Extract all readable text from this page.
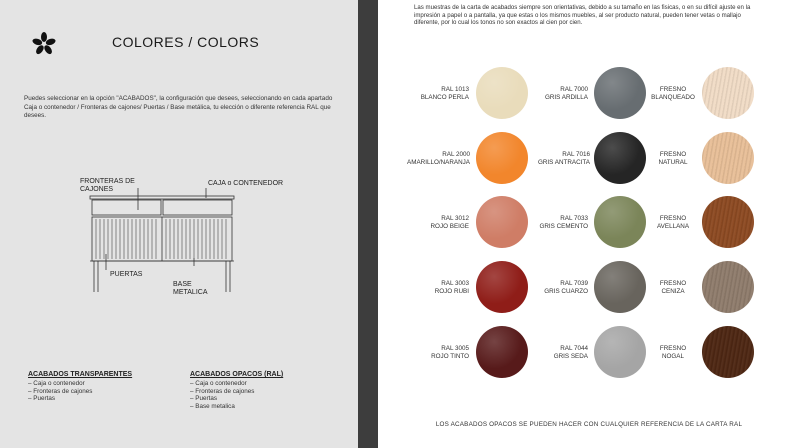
COLORES / COLORS
Puedes seleccionar en la opción "ACABADOS", la configuración que desees, seleccionando en cada apartado Caja o contenedor / Fronteras de cajones/ Puertas / Base metálica, tu elección o diferente referencia RAL que desees.
FRONTERAS DE CAJONES
CAJA o CONTENEDOR
PUERTAS
BASE METALICA
ACABADOS TRANSPARENTES
– Caja o contenedor
– Fronteras de cajones
– Puertas
ACABADOS OPACOS (RAL)
– Caja o contenedor
– Fronteras de cajones
– Puertas
– Base metalica
Las muestras de la carta de acabados siempre son orientativas, debido a su tamaño en las fisicas, o en su difícil ajuste en la impresión a papel o a pantalla, ya que estas o los mismos muebles, al ser producto natural, pueden tener vetas o mallajo diferente, por lo cual los tonos no son exactos al cien por cien.
RAL 1013
BLANCO PERLA
RAL 7000
GRIS ARDILLA
FRESNO
BLANQUEADO
RAL 2000
AMARILLO/NARANJA
RAL 7016
GRIS ANTRACITA
FRESNO
NATURAL
RAL 3012
ROJO BEIGE
RAL 7033
GRIS CEMENTO
FRESNO
AVELLANA
RAL 3003
ROJO RUBI
RAL 7039
GRIS CUARZO
FRESNO
CENIZA
RAL 3005
ROJO TINTO
RAL 7044
GRIS SEDA
FRESNO
NOGAL
LOS ACABADOS OPACOS SE PUEDEN HACER CON CUALQUIER REFERENCIA DE LA CARTA RAL
